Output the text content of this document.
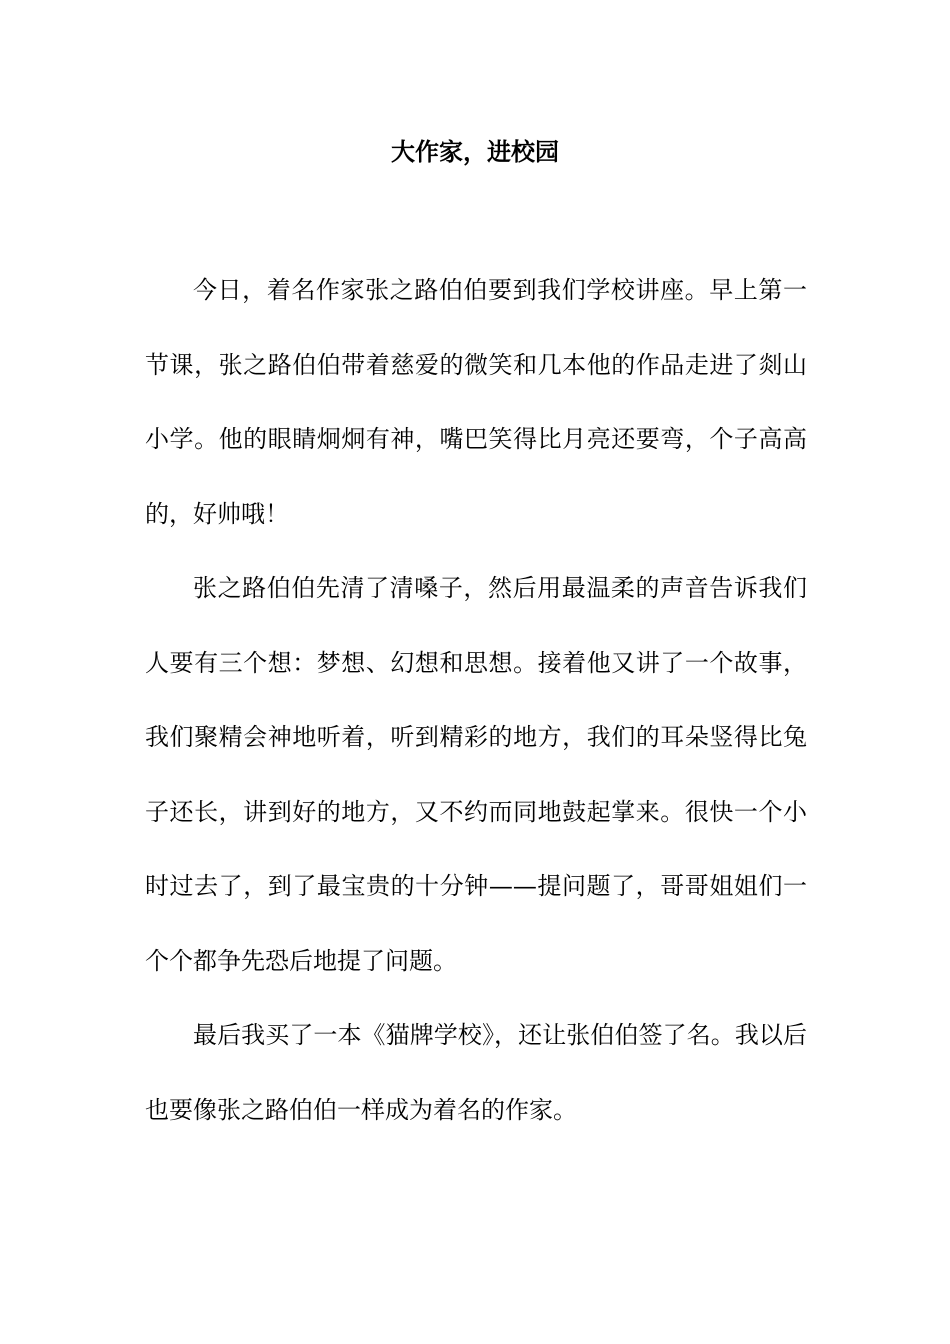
大作家，进校园

今日，着名作家张之路伯伯要到我们学校讲座。早上第一节课，张之路伯伯带着慈爱的微笑和几本他的作品走进了剡山小学。他的眼睛炯炯有神，嘴巴笑得比月亮还要弯，个子高高的，好帅哦！

张之路伯伯先清了清嗓子，然后用最温柔的声音告诉我们人要有三个想：梦想、幻想和思想。接着他又讲了一个故事，我们聚精会神地听着，听到精彩的地方，我们的耳朵竖得比兔子还长，讲到好的地方，又不约而同地鼓起掌来。很快一个小时过去了，到了最宝贵的十分钟——提问题了，哥哥姐姐们一个个都争先恐后地提了问题。

最后我买了一本《猫牌学校》，还让张伯伯签了名。我以后也要像张之路伯伯一样成为着名的作家。
